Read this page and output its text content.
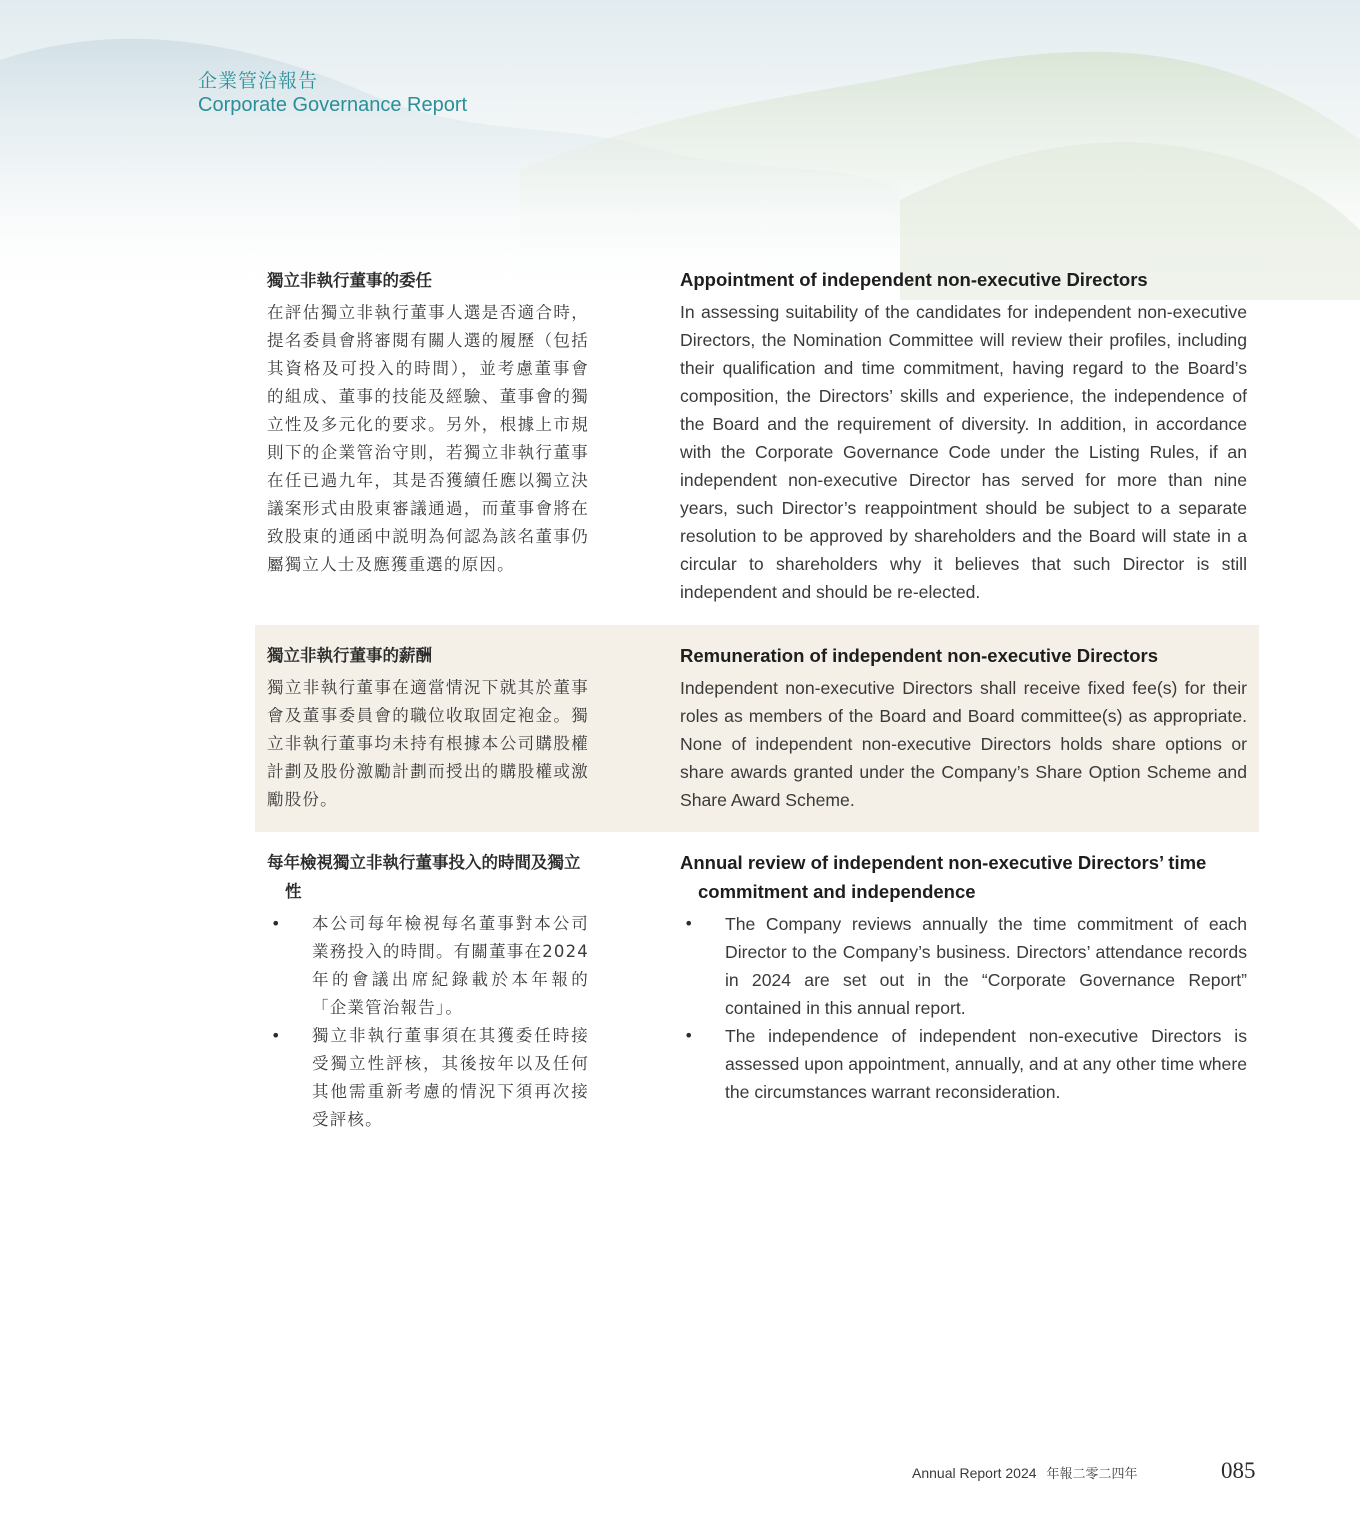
企業管治報告
Corporate Governance Report

獨立非執行董事的委任

在評估獨立非執行董事人選是否適合時，提名委員會將審閱有關人選的履歷（包括其資格及可投入的時間），並考慮董事會的組成、董事的技能及經驗、董事會的獨立性及多元化的要求。另外，根據上市規則下的企業管治守則，若獨立非執行董事在任已過九年，其是否獲續任應以獨立決議案形式由股東審議通過，而董事會將在致股東的通函中説明為何認為該名董事仍屬獨立人士及應獲重選的原因。

Appointment of independent non-executive Directors

In assessing suitability of the candidates for independent non-executive Directors, the Nomination Committee will review their profiles, including their qualification and time commitment, having regard to the Board’s composition, the Directors’ skills and experience, the independence of the Board and the requirement of diversity. In addition, in accordance with the Corporate Governance Code under the Listing Rules, if an independent non-executive Director has served for more than nine years, such Director’s reappointment should be subject to a separate resolution to be approved by shareholders and the Board will state in a circular to shareholders why it believes that such Director is still independent and should be re-elected.

獨立非執行董事的薪酬

獨立非執行董事在適當情況下就其於董事會及董事委員會的職位收取固定袍金。獨立非執行董事均未持有根據本公司購股權計劃及股份激勵計劃而授出的購股權或激勵股份。

Remuneration of independent non-executive Directors

Independent non-executive Directors shall receive fixed fee(s) for their roles as members of the Board and Board committee(s) as appropriate. None of independent non-executive Directors holds share options or share awards granted under the Company’s Share Option Scheme and Share Award Scheme.

每年檢視獨立非執行董事投入的時間及獨立性

• 本公司每年檢視每名董事對本公司業務投入的時間。有關董事在2024年的會議出席紀錄載於本年報的「企業管治報告」。

• 獨立非執行董事須在其獲委任時接受獨立性評核，其後按年以及任何其他需重新考慮的情況下須再次接受評核。

Annual review of independent non-executive Directors’ time commitment and independence

• The Company reviews annually the time commitment of each Director to the Company’s business. Directors’ attendance records in 2024 are set out in the “Corporate Governance Report” contained in this annual report.

• The independence of independent non-executive Directors is assessed upon appointment, annually, and at any other time where the circumstances warrant reconsideration.

Annual Report 2024 年報二零二四年	085
